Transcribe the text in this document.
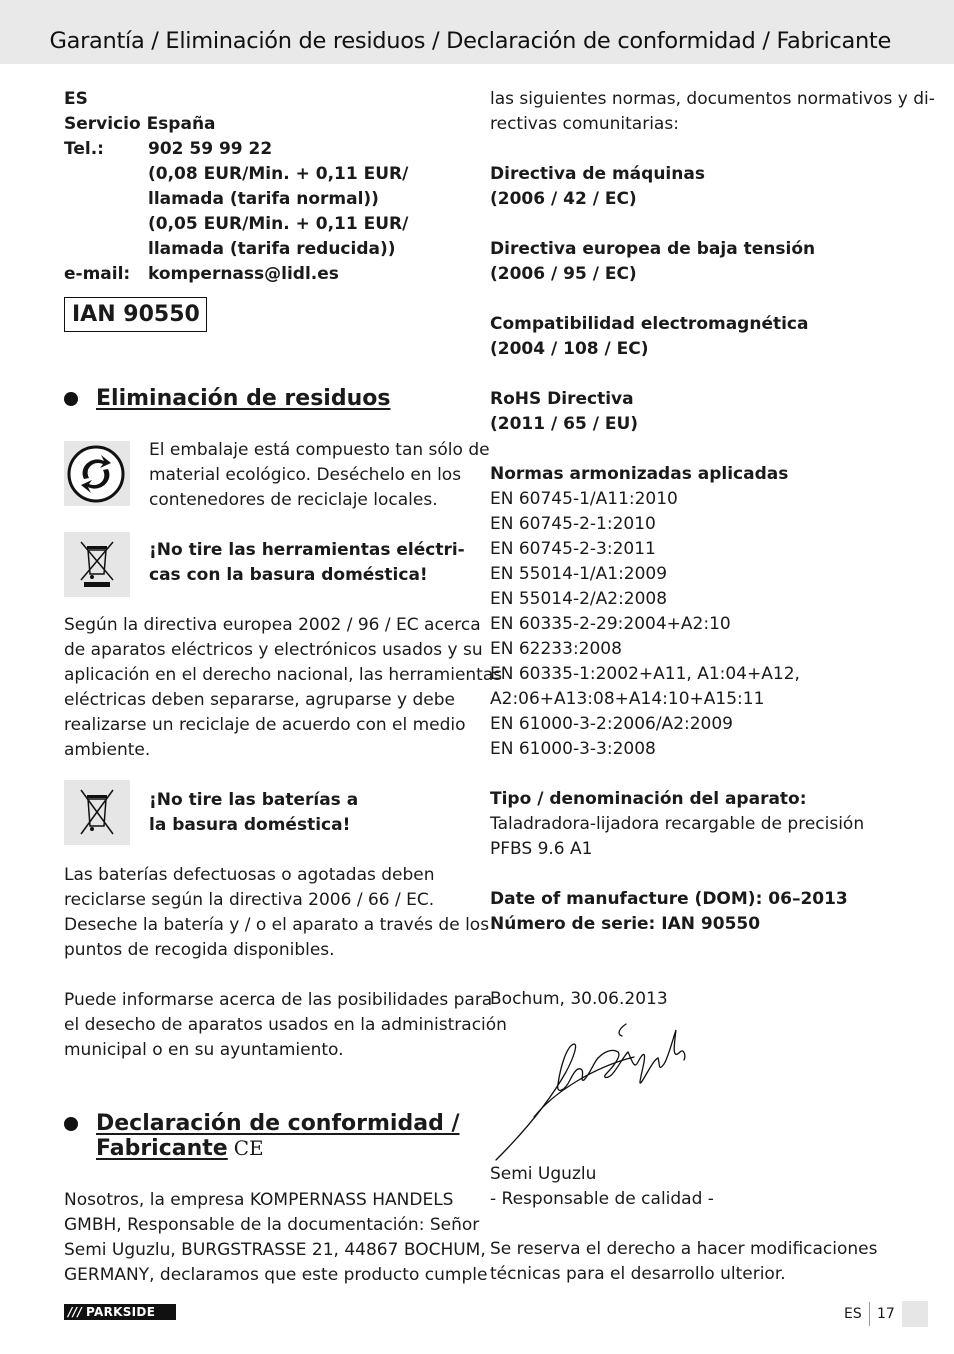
Garantía / Eliminación de residuos / Declaración de conformidad / Fabricante
ES
Servicio España
Tel.:	902 59 99 22
(0,08 EUR/Min. + 0,11 EUR/
llamada (tarifa normal))
(0,05 EUR/Min. + 0,11 EUR/
llamada (tarifa reducida))
e-mail:	kompernass@lidl.es
IAN 90550
Eliminación de residuos
El embalaje está compuesto tan sólo de
material ecológico. Deséchelo en los
contenedores de reciclaje locales.
¡No tire las herramientas eléctri-
cas con la basura doméstica!
Según la directiva europea 2002 / 96 / EC acerca
de aparatos eléctricos y electrónicos usados y su
aplicación en el derecho nacional, las herramientas
eléctricas deben separarse, agruparse y debe
realizarse un reciclaje de acuerdo con el medio
ambiente.
¡No tire las baterías a
la basura doméstica!
Las baterías defectuosas o agotadas deben
reciclarse según la directiva 2006 / 66 / EC.
Deseche la batería y / o el aparato a través de los
puntos de recogida disponibles.
Puede informarse acerca de las posibilidades para
el desecho de aparatos usados en la administración
municipal o en su ayuntamiento.
Declaración de conformidad /
Fabricante CE
Nosotros, la empresa KOMPERNASS HANDELS
GMBH, Responsable de la documentación: Señor
Semi Uguzlu, BURGSTRASSE 21, 44867 BOCHUM,
GERMANY, declaramos que este producto cumple
las siguientes normas, documentos normativos y di-
rectivas comunitarias:
Directiva de máquinas
(2006 / 42 / EC)
Directiva europea de baja tensión
(2006 / 95 / EC)
Compatibilidad electromagnética
(2004 / 108 / EC)
RoHS Directiva
(2011 / 65 / EU)
Normas armonizadas aplicadas
EN 60745-1/A11:2010
EN 60745-2-1:2010
EN 60745-2-3:2011
EN 55014-1/A1:2009
EN 55014-2/A2:2008
EN 60335-2-29:2004+A2:10
EN 62233:2008
EN 60335-1:2002+A11, A1:04+A12,
A2:06+A13:08+A14:10+A15:11
EN 61000-3-2:2006/A2:2009
EN 61000-3-3:2008
Tipo / denominación del aparato:
Taladradora-lijadora recargable de precisión
PFBS 9.6 A1
Date of manufacture (DOM): 06–2013
Número de serie: IAN 90550
Bochum, 30.06.2013
Semi Uguzlu
- Responsable de calidad -
Se reserva el derecho a hacer modificaciones
técnicas para el desarrollo ulterior.
/// PARKSIDE	ES 17
